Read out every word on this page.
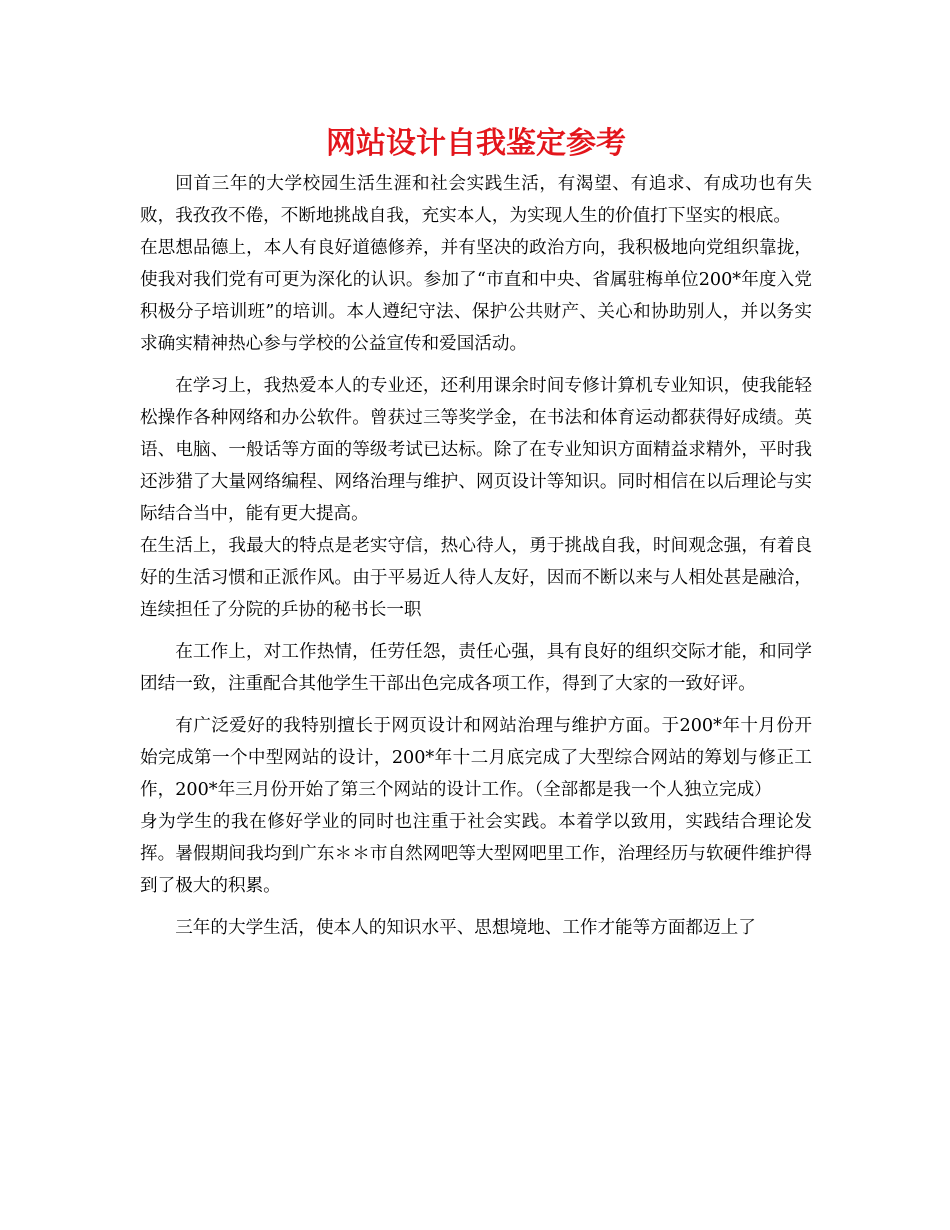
网站设计自我鉴定参考

回首三年的大学校园生活生涯和社会实践生活，有渴望、有追求、有成功也有失败，我孜孜不倦，不断地挑战自我，充实本人，为实现人生的价值打下坚实的根底。

在思想品德上，本人有良好道德修养，并有坚决的政治方向，我积极地向党组织靠拢，使我对我们党有可更为深化的认识。参加了“市直和中央、省属驻梅单位200*年度入党积极分子培训班”的培训。本人遵纪守法、保护公共财产、关心和协助别人，并以务实求确实精神热心参与学校的公益宣传和爱国活动。

在学习上，我热爱本人的专业还，还利用课余时间专修计算机专业知识，使我能轻松操作各种网络和办公软件。曾获过三等奖学金，在书法和体育运动都获得好成绩。英语、电脑、一般话等方面的等级考试已达标。除了在专业知识方面精益求精外，平时我还涉猎了大量网络编程、网络治理与维护、网页设计等知识。同时相信在以后理论与实际结合当中，能有更大提高。

在生活上，我最大的特点是老实守信，热心待人，勇于挑战自我，时间观念强，有着良好的生活习惯和正派作风。由于平易近人待人友好，因而不断以来与人相处甚是融洽，连续担任了分院的乒协的秘书长一职

在工作上，对工作热情，任劳任怨，责任心强，具有良好的组织交际才能，和同学团结一致，注重配合其他学生干部出色完成各项工作，得到了大家的一致好评。

有广泛爱好的我特别擅长于网页设计和网站治理与维护方面。于200*年十月份开始完成第一个中型网站的设计，200*年十二月底完成了大型综合网站的筹划与修正工作，200*年三月份开始了第三个网站的设计工作。（全部都是我一个人独立完成）

身为学生的我在修好学业的同时也注重于社会实践。本着学以致用，实践结合理论发挥。暑假期间我均到广东＊＊市自然网吧等大型网吧里工作，治理经历与软硬件维护得到了极大的积累。

三年的大学生活，使本人的知识水平、思想境地、工作才能等方面都迈上了
